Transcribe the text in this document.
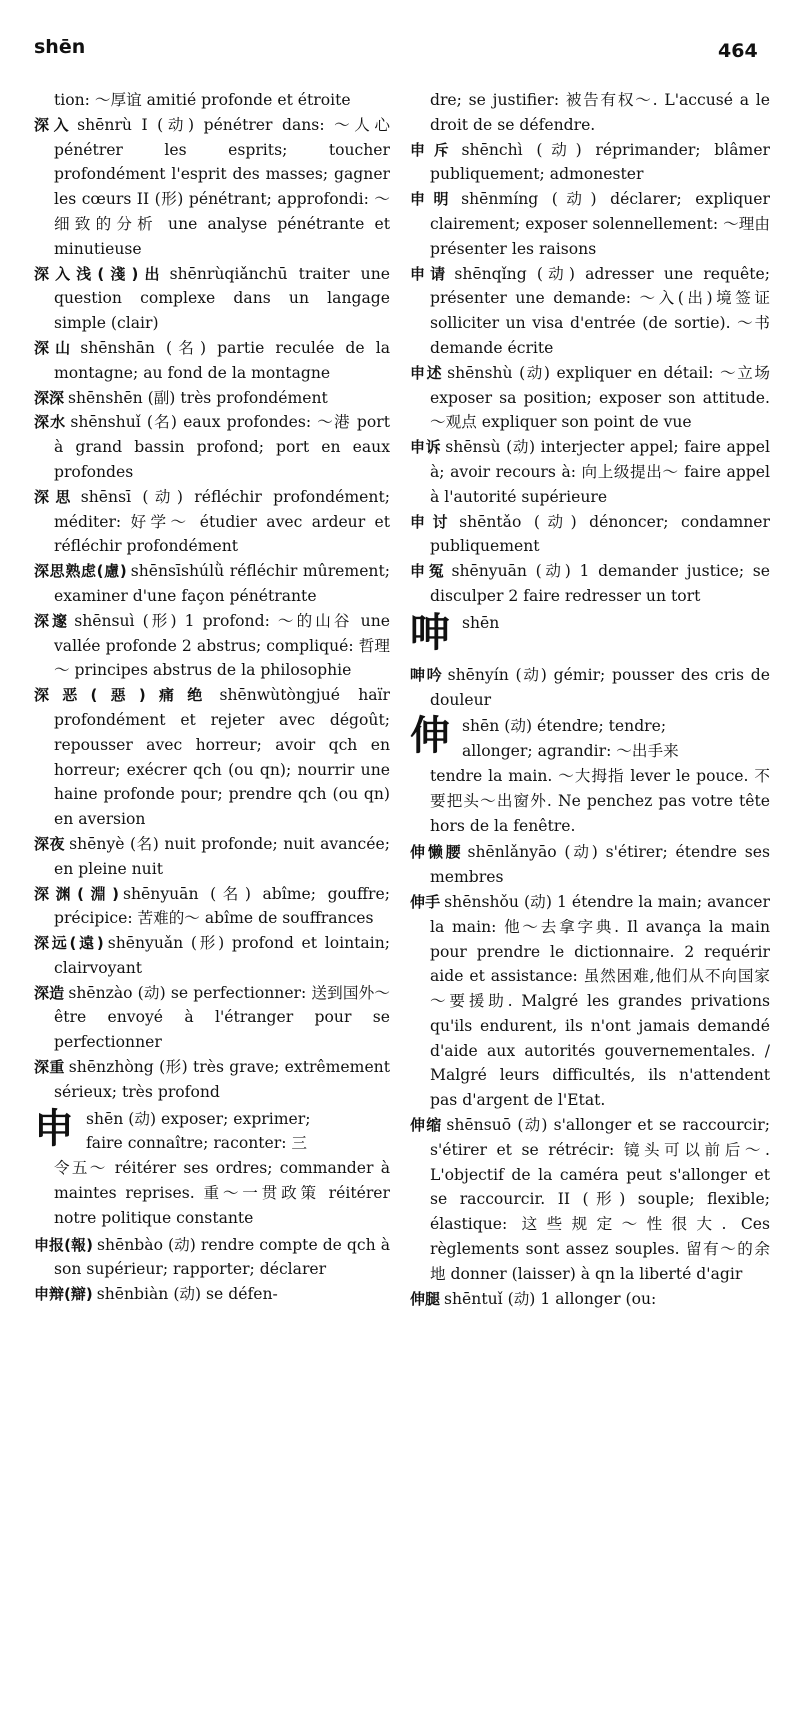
shēn	464

tion: ～厚谊 amitié profonde et étroite

深入 shēnrù I (动) pénétrer dans: ～人心 pénétrer les esprits; toucher profondément l'esprit des masses; gagner les cœurs II (形) pénétrant; approfondi: ～细致的分析 une analyse pénétrante et minutieuse

深入浅(淺)出 shēnrùqiǎnchū traiter une question complexe dans un langage simple (clair)

深山 shēnshān (名) partie reculée de la montagne; au fond de la montagne

深深 shēnshēn (副) très profondément

深水 shēnshuǐ (名) eaux profondes: ～港 port à grand bassin profond; port en eaux profondes

深思 shēnsī (动) réfléchir profondément; méditer: 好学～ étudier avec ardeur et réfléchir profondément

深思熟虑(慮) shēnsīshúlǜ réfléchir mûrement; examiner d'une façon pénétrante

深邃 shēnsuì (形) 1 profond: ～的山谷 une vallée profonde 2 abstrus; compliqué: 哲理～ principes abstrus de la philosophie

深恶(惡)痛绝 shēnwùtòngjué haïr profondément et rejeter avec dégoût; repousser avec horreur; avoir qch en horreur; exécrer qch (ou qn); nourrir une haine profonde pour; prendre qch (ou qn) en aversion

深夜 shēnyè (名) nuit profonde; nuit avancée; en pleine nuit

深渊(淵) shēnyuān (名) abîme; gouffre; précipice: 苦难的～ abîme de souffrances

深远(遠) shēnyuǎn (形) profond et lointain; clairvoyant

深造 shēnzào (动) se perfectionner: 送到国外～ être envoyé à l'étranger pour se perfectionner

深重 shēnzhòng (形) très grave; extrêmement sérieux; très profond

申 shēn (动) exposer; exprimer;
faire connaître; raconter: 三
令五～ réitérer ses ordres; commander à maintes reprises. 重～一贯政策 réitérer notre politique constante

申报(報) shēnbào (动) rendre compte de qch à son supérieur; rapporter; déclarer

申辩(辯) shēnbiàn (动) se défen-

dre; se justifier: 被告有权～. L'accusé a le droit de se défendre.

申斥 shēnchì (动) réprimander; blâmer publiquement; admonester

申明 shēnmíng (动) déclarer; expliquer clairement; exposer solennellement: ～理由 présenter les raisons

申请 shēnqǐng (动) adresser une requête; présenter une demande: ～入(出)境签证 solliciter un visa d'entrée (de sortie). ～书 demande écrite

申述 shēnshù (动) expliquer en détail: ～立场 exposer sa position; exposer son attitude. ～观点 expliquer son point de vue

申诉 shēnsù (动) interjecter appel; faire appel à; avoir recours à: 向上级提出～ faire appel à l'autorité supérieure

申讨 shēntǎo (动) dénoncer; condamner publiquement

申冤 shēnyuān (动) 1 demander justice; se disculper 2 faire redresser un tort

呻 shēn

呻吟 shēnyín (动) gémir; pousser des cris de douleur

伸 shēn (动) étendre; tendre;
allonger; agrandir: ～出手来
tendre la main. ～大拇指 lever le pouce. 不要把头～出窗外. Ne penchez pas votre tête hors de la fenêtre.

伸懒腰 shēnlǎnyāo (动) s'étirer; étendre ses membres

伸手 shēnshǒu (动) 1 étendre la main; avancer la main: 他～去拿字典. Il avança la main pour prendre le dictionnaire. 2 requérir aide et assistance: 虽然困难,他们从不向国家～要援助. Malgré les grandes privations qu'ils endurent, ils n'ont jamais demandé d'aide aux autorités gouvernementales. / Malgré leurs difficultés, ils n'attendent pas d'argent de l'Etat.

伸缩 shēnsuō (动) s'allonger et se raccourcir; s'étirer et se rétrécir: 镜头可以前后～. L'objectif de la caméra peut s'allonger et se raccourcir. II (形) souple; flexible; élastique: 这些规定～性很大. Ces règlements sont assez souples. 留有～的余地 donner (laisser) à qn la liberté d'agir

伸腿 shēntuǐ (动) 1 allonger (ou:
